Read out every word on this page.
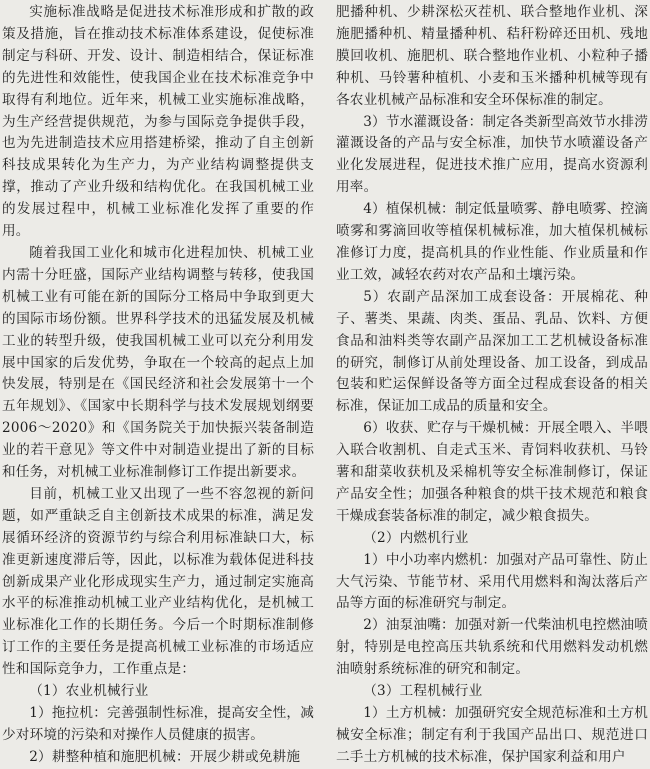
实施标准战略是促进技术标准形成和扩散的政策及措施，旨在推动技术标准体系建设，促使标准制定与科研、开发、设计、制造相结合，保证标准的先进性和效能性，使我国企业在技术标准竞争中取得有利地位。近年来，机械工业实施标准战略，为生产经营提供规范，为参与国际竞争提供手段，也为先进制造技术应用搭建桥梁，推动了自主创新科技成果转化为生产力，为产业结构调整提供支撑，推动了产业升级和结构优化。在我国机械工业的发展过程中，机械工业标准化发挥了重要的作用。

随着我国工业化和城市化进程加快、机械工业内需十分旺盛，国际产业结构调整与转移，使我国机械工业有可能在新的国际分工格局中争取到更大的国际市场份额。世界科学技术的迅猛发展及机械工业的转型升级，使我国机械工业可以充分利用发展中国家的后发优势，争取在一个较高的起点上加快发展，特别是在《国民经济和社会发展第十一个五年规划》、《国家中长期科学与技术发展规划纲要2006～2020》和《国务院关于加快振兴装备制造业的若干意见》等文件中对制造业提出了新的目标和任务，对机械工业标准制修订工作提出新要求。

目前，机械工业又出现了一些不容忽视的新问题，如严重缺乏自主创新技术成果的标准，满足发展循环经济的资源节约与综合利用标准缺口大，标准更新速度滞后等，因此，以标准为载体促进科技创新成果产业化形成现实生产力，通过制定实施高水平的标准推动机械工业产业结构优化，是机械工业标准化工作的长期任务。今后一个时期标准制修订工作的主要任务是提高机械工业标准的市场适应性和国际竞争力，工作重点是：

（1）农业机械行业

1）拖拉机：完善强制性标准，提高安全性，减少对环境的污染和对操作人员健康的损害。

2）耕整种植和施肥机械：开展少耕或免耕施

肥播种机、少耕深松灭茬机、联合整地作业机、深施肥播种机、精量播种机、秸秆粉碎还田机、残地膜回收机、施肥机、联合整地作业机、小粒种子播种机、马铃薯种植机、小麦和玉米播种机械等现有各农业机械产品标准和安全环保标准的制定。

3）节水灌溉设备：制定各类新型高效节水排涝灌溉设备的产品与安全标准，加快节水喷灌设备产业化发展进程，促进技术推广应用，提高水资源利用率。

4）植保机械：制定低量喷雾、静电喷雾、控滴喷雾和雾滴回收等植保机械标准，加大植保机械标准修订力度，提高机具的作业性能、作业质量和作业工效，减轻农药对农产品和土壤污染。

5）农副产品深加工成套设备：开展棉花、种子、薯类、果蔬、肉类、蛋品、乳品、饮料、方便食品和油料类等农副产品深加工工艺机械设备标准的研究，制修订从前处理设备、加工设备，到成品包装和贮运保鲜设备等方面全过程成套设备的相关标准，保证加工成品的质量和安全。

6）收获、贮存与干燥机械：开展全喂入、半喂入联合收割机、自走式玉米、青饲料收获机、马铃薯和甜菜收获机及采棉机等安全标准制修订，保证产品安全性；加强各种粮食的烘干技术规范和粮食干燥成套装备标准的制定，减少粮食损失。

（2）内燃机行业

1）中小功率内燃机：加强对产品可靠性、防止大气污染、节能节材、采用代用燃料和淘汰落后产品等方面的标准研究与制定。

2）油泵油嘴：加强对新一代柴油机电控燃油喷射，特别是电控高压共轨系统和代用燃料发动机燃油喷射系统标准的研究和制定。

（3）工程机械行业

1）土方机械：加强研究安全规范标准和土方机械安全标准；制定有利于我国产品出口、规范进口二手土方机械的技术标准，保护国家利益和用户
